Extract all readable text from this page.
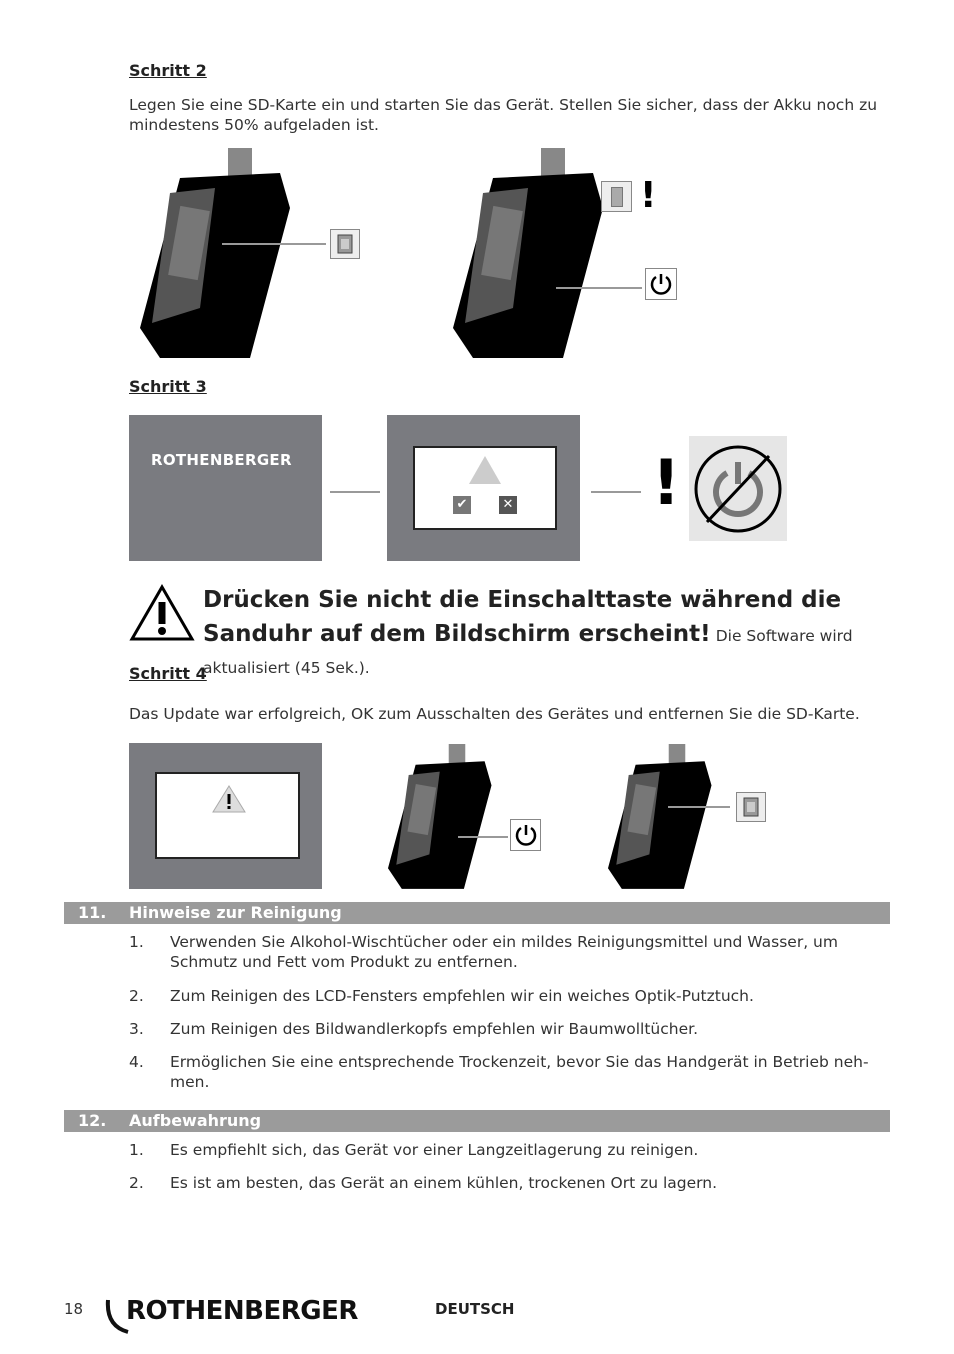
Schritt 2
Legen Sie eine SD-Karte ein und starten Sie das Gerät. Stellen Sie sicher, dass der Akku noch zu mindestens 50% aufgeladen ist.
!
Schritt 3
ROTHENBERGER
✔	✕ !
Drücken Sie nicht die Einschalttaste während die Sanduhr auf dem Bildschirm erscheint! Die Software wird aktualisiert (45 Sek.).
Schritt 4
Das Update war erfolgreich, OK zum Ausschalten des Gerätes und entfernen Sie die SD-Karte.
11. Hinweise zur Reinigung
1. Verwenden Sie Alkohol-Wischtücher oder ein mildes Reinigungsmittel und Wasser, um Schmutz und Fett vom Produkt zu entfernen.
2. Zum Reinigen des LCD-Fensters empfehlen wir ein weiches Optik-Putztuch.
3. Zum Reinigen des Bildwandlerkopfs empfehlen wir Baumwolltücher.
4. Ermöglichen Sie eine entsprechende Trockenzeit, bevor Sie das Handgerät in Betrieb neh-men.
12. Aufbewahrung
1. Es empfiehlt sich, das Gerät vor einer Langzeitlagerung zu reinigen.
2. Es ist am besten, das Gerät an einem kühlen, trockenen Ort zu lagern.
18 ROTHENBERGER	DEUTSCH
